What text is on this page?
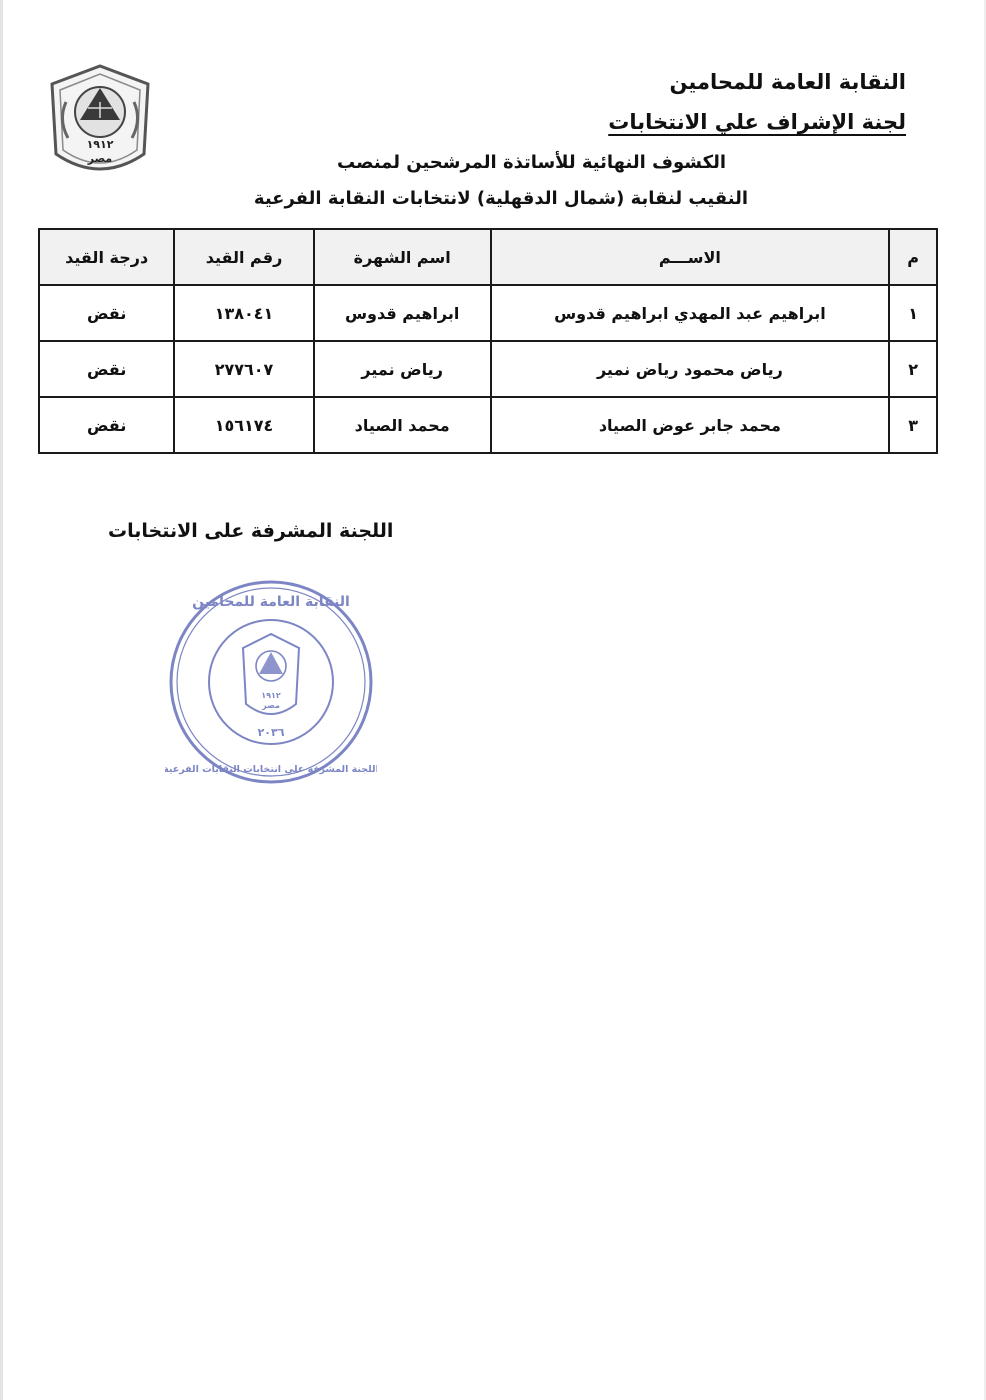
١٩١٢
مصر
النقابة العامة للمحامين
لجنة الإشراف علي الانتخابات
الكشوف النهائية للأساتذة المرشحين لمنصب
النقيب لنقابة (شمال الدقهلية) لانتخابات النقابة الفرعية
م	الاســـم	اسم الشهرة	رقم القيد	درجة القيد
١	ابراهيم عبد المهدي ابراهيم قدوس	ابراهيم قدوس	١٣٨٠٤١	نقض
٢	رياض محمود رياض نمير	رياض نمير	٢٧٧٦٠٧	نقض
٣	محمد جابر عوض الصياد	محمد الصياد	١٥٦١٧٤	نقض
اللجنة المشرفة على الانتخابات
١٩١٢
مصر
٢٠٣٦
النقابة العامة للمحامين
اللجنة المشرفة على انتخابات النقابات الفرعية
